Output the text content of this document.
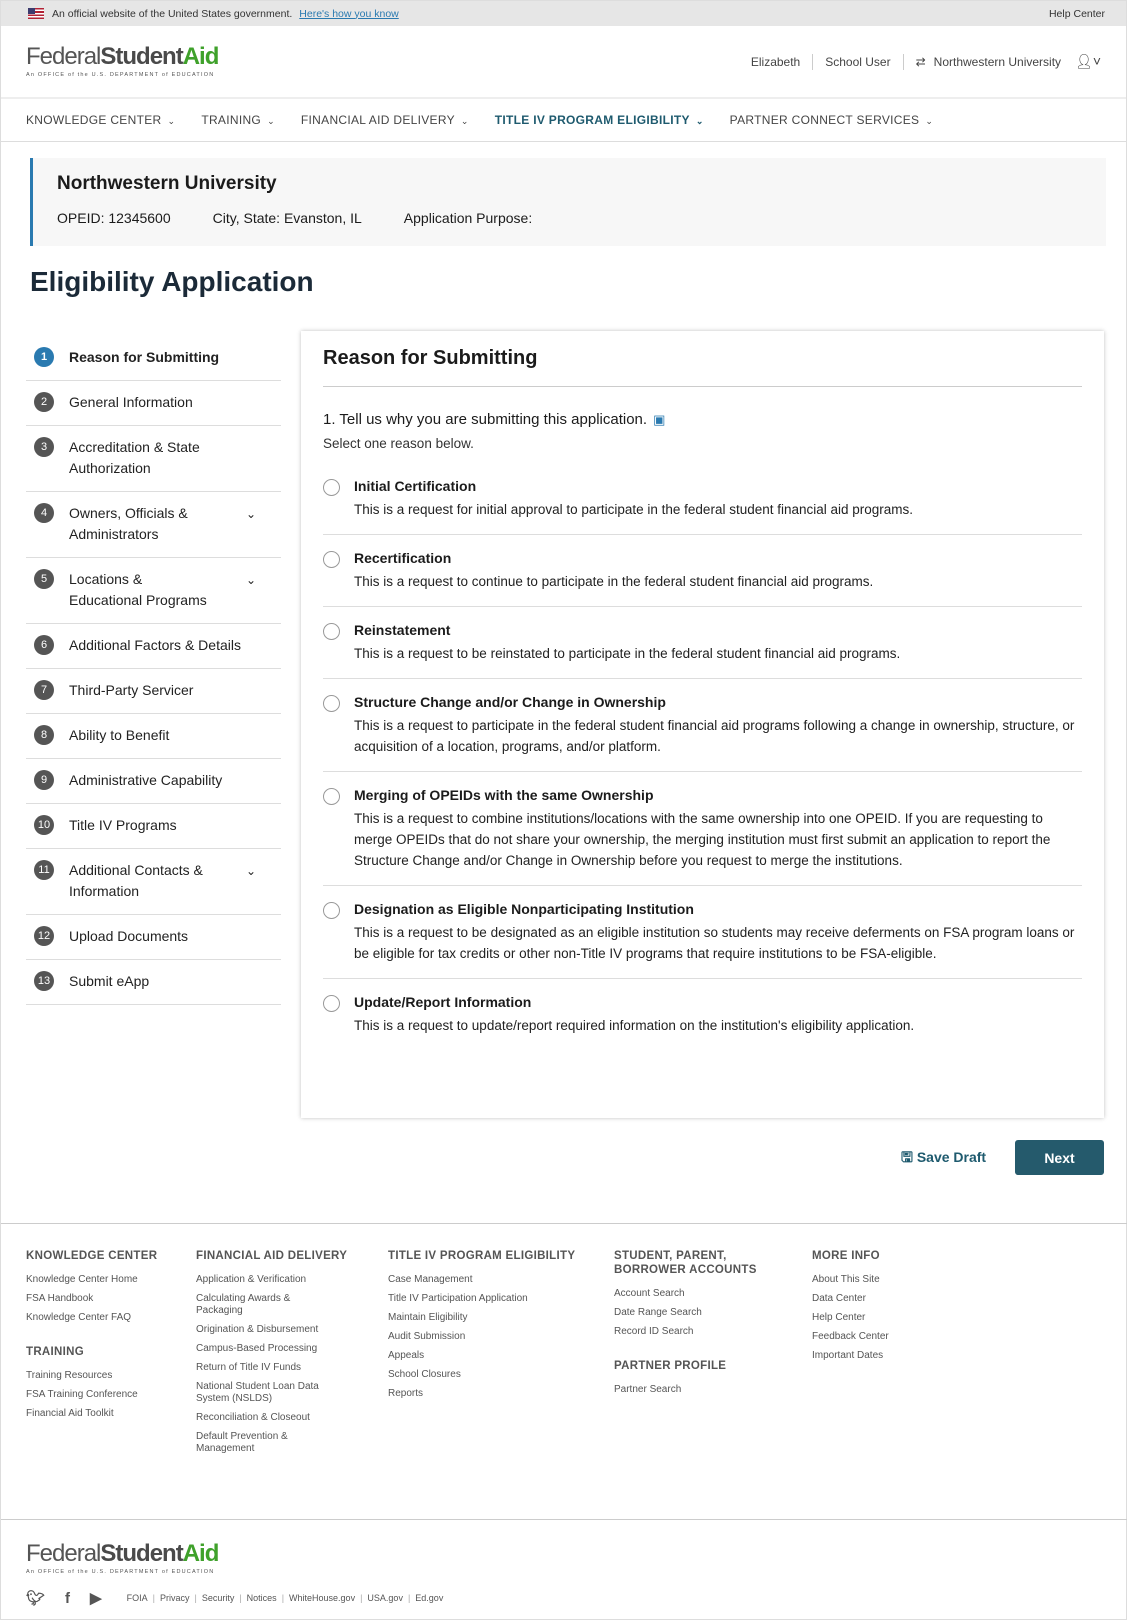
An official website of the United States government. Here's how you know	Help Center
FederalStudentAid
An OFFICE of the U.S. DEPARTMENT of EDUCATION
Elizabeth School User ⇄ Northwestern University 👤︎˅
KNOWLEDGE CENTER ⌄ TRAINING ⌄ FINANCIAL AID DELIVERY ⌄ TITLE IV PROGRAM ELIGIBILITY ⌄ PARTNER CONNECT SERVICES ⌄
Northwestern University
OPEID: 12345600	City, State: Evanston, IL	Application Purpose:
Eligibility Application
1	Reason for Submitting
2	General Information
3	Accreditation & State Authorization
4	Owners, Officials & Administrators
⌄
5	Locations & Educational Programs
⌄
6	Additional Factors & Details
7	Third-Party Servicer
8	Ability to Benefit
9	Administrative Capability
10 Title IV Programs
11	Additional Contacts & Information
⌄
12 Upload Documents
13 Submit eApp
Reason for Submitting
1. Tell us why you are submitting this application. ▣
Select one reason below.
Initial Certification

This is a request for initial approval to participate in the federal student financial aid programs.

Recertification

This is a request to continue to participate in the federal student financial aid programs.

Reinstatement

This is a request to be reinstated to participate in the federal student financial aid programs.

Structure Change and/or Change in Ownership

This is a request to participate in the federal student financial aid programs following a change in ownership, structure, or acquisition of a location, programs, and/or platform.

Merging of OPEIDs with the same Ownership

This is a request to combine institutions/locations with the same ownership into one OPEID. If you are requesting to merge OPEIDs that do not share your ownership, the merging institution must first submit an application to report the Structure Change and/or Change in Ownership before you request to merge the institutions.

Designation as Eligible Nonparticipating Institution

This is a request to be designated as an eligible institution so students may receive deferments on FSA program loans or be eligible for tax credits or other non-Title IV programs that require institutions to be FSA-eligible.

Update/Report Information

This is a request to update/report required information on the institution's eligibility application.

🖫︎ Save Draft	Next
KNOWLEDGE CENTER
Knowledge Center Home
FSA Handbook
Knowledge Center FAQ
TRAINING
Training Resources
FSA Training Conference
Financial Aid Toolkit
FINANCIAL AID DELIVERY
Application & Verification
Calculating Awards & Packaging
Origination & Disbursement
Campus-Based Processing
Return of Title IV Funds
National Student Loan Data System (NSLDS)
Reconciliation & Closeout
Default Prevention & Management
TITLE IV PROGRAM ELIGIBILITY
Case Management
Title IV Participation Application
Maintain Eligibility
Audit Submission
Appeals
School Closures
Reports
STUDENT, PARENT, BORROWER ACCOUNTS
Account Search
Date Range Search
Record ID Search
PARTNER PROFILE
Partner Search
MORE INFO
About This Site
Data Center
Help Center
Feedback Center
Important Dates
FederalStudentAid
An OFFICE of the U.S. DEPARTMENT of EDUCATION
🐦︎ f ▶	FOIA | Privacy | Security | Notices | WhiteHouse.gov | USA.gov | Ed.gov
